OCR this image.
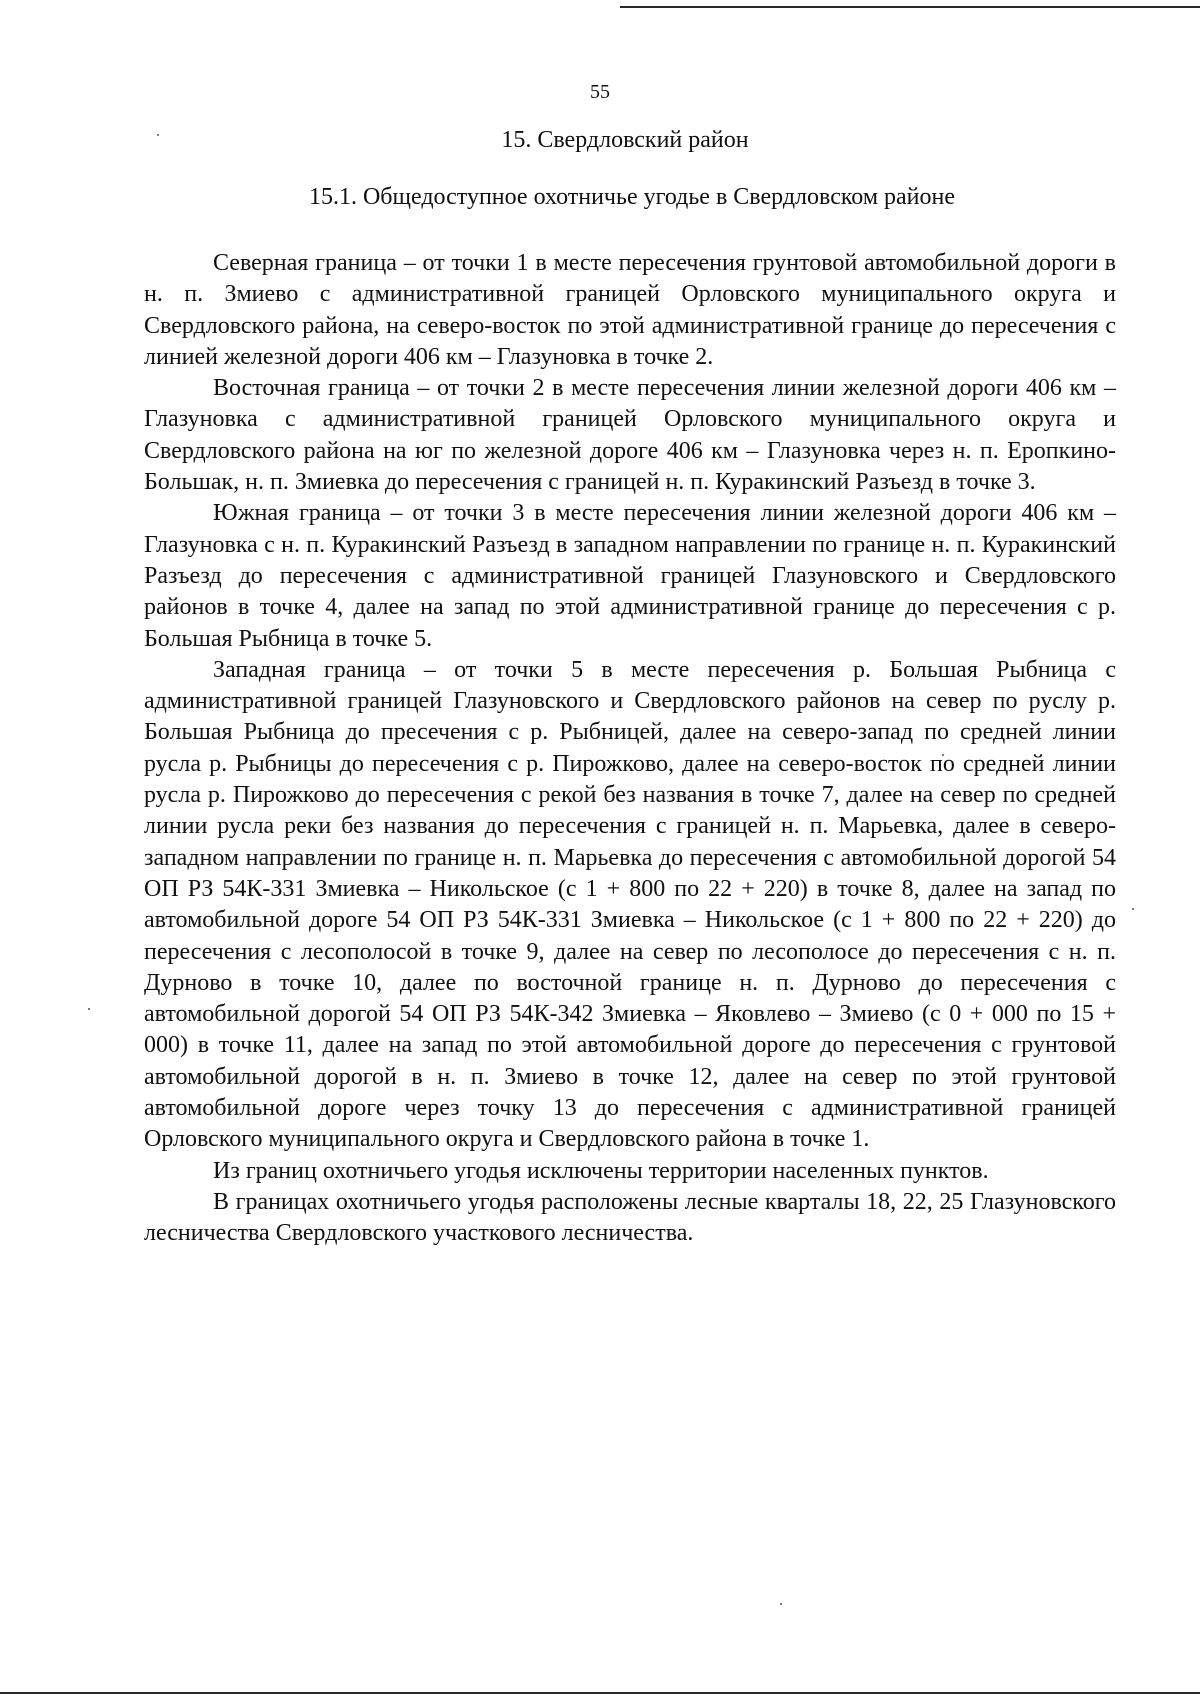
55
15. Свердловский район
15.1. Общедоступное охотничье угодье в Свердловском районе

Северная граница – от точки 1 в месте пересечения грунтовой автомобильной дороги в н. п. Змиево с административной границей Орловского муниципального округа и Свердловского района, на северо-восток по этой административной границе до пересечения с линией железной дороги 406 км – Глазуновка в точке 2.

Восточная граница – от точки 2 в месте пересечения линии железной дороги 406 км – Глазуновка с административной границей Орловского муниципального округа и Свердловского района на юг по железной дороге 406 км – Глазуновка через н. п. Еропкино-Большак, н. п. Змиевка до пересечения с границей н. п. Куракинский Разъезд в точке 3.

Южная граница – от точки 3 в месте пересечения линии железной дороги 406 км – Глазуновка с н. п. Куракинский Разъезд в западном направлении по границе н. п. Куракинский Разъезд до пересечения с административной границей Глазуновского и Свердловского районов в точке 4, далее на запад по этой административной границе до пересечения с р. Большая Рыбница в точке 5.

Западная граница – от точки 5 в месте пересечения р. Большая Рыбница с административной границей Глазуновского и Свердловского районов на север по руслу р. Большая Рыбница до пресечения с р. Рыбницей, далее на северо-запад по средней линии русла р. Рыбницы до пересечения с р. Пирожково, далее на северо-восток по средней линии русла р. Пирожково до пересечения с рекой без названия в точке 7, далее на север по средней линии русла реки без названия до пересечения с границей н. п. Марьевка, далее в северо-западном направлении по границе н. п. Марьевка до пересечения с автомобильной дорогой 54 ОП РЗ 54К-331 Змиевка – Никольское (с 1 + 800 по 22 + 220) в точке 8, далее на запад по автомобильной дороге 54 ОП РЗ 54К-331 Змиевка – Никольское (с 1 + 800 по 22 + 220) до пересечения с лесополосой в точке 9, далее на север по лесополосе до пересечения с н. п. Дурново в точке 10, далее по восточной границе н. п. Дурново до пересечения с автомобильной дорогой 54 ОП РЗ 54К-342 Змиевка – Яковлево – Змиево (с 0 + 000 по 15 + 000) в точке 11, далее на запад по этой автомобильной дороге до пересечения с грунтовой автомобильной дорогой в н. п. Змиево в точке 12, далее на север по этой грунтовой автомобильной дороге через точку 13 до пересечения с административной границей Орловского муниципального округа и Свердловского района в точке 1.

Из границ охотничьего угодья исключены территории населенных пунктов.

В границах охотничьего угодья расположены лесные кварталы 18, 22, 25 Глазуновского лесничества Свердловского участкового лесничества.
